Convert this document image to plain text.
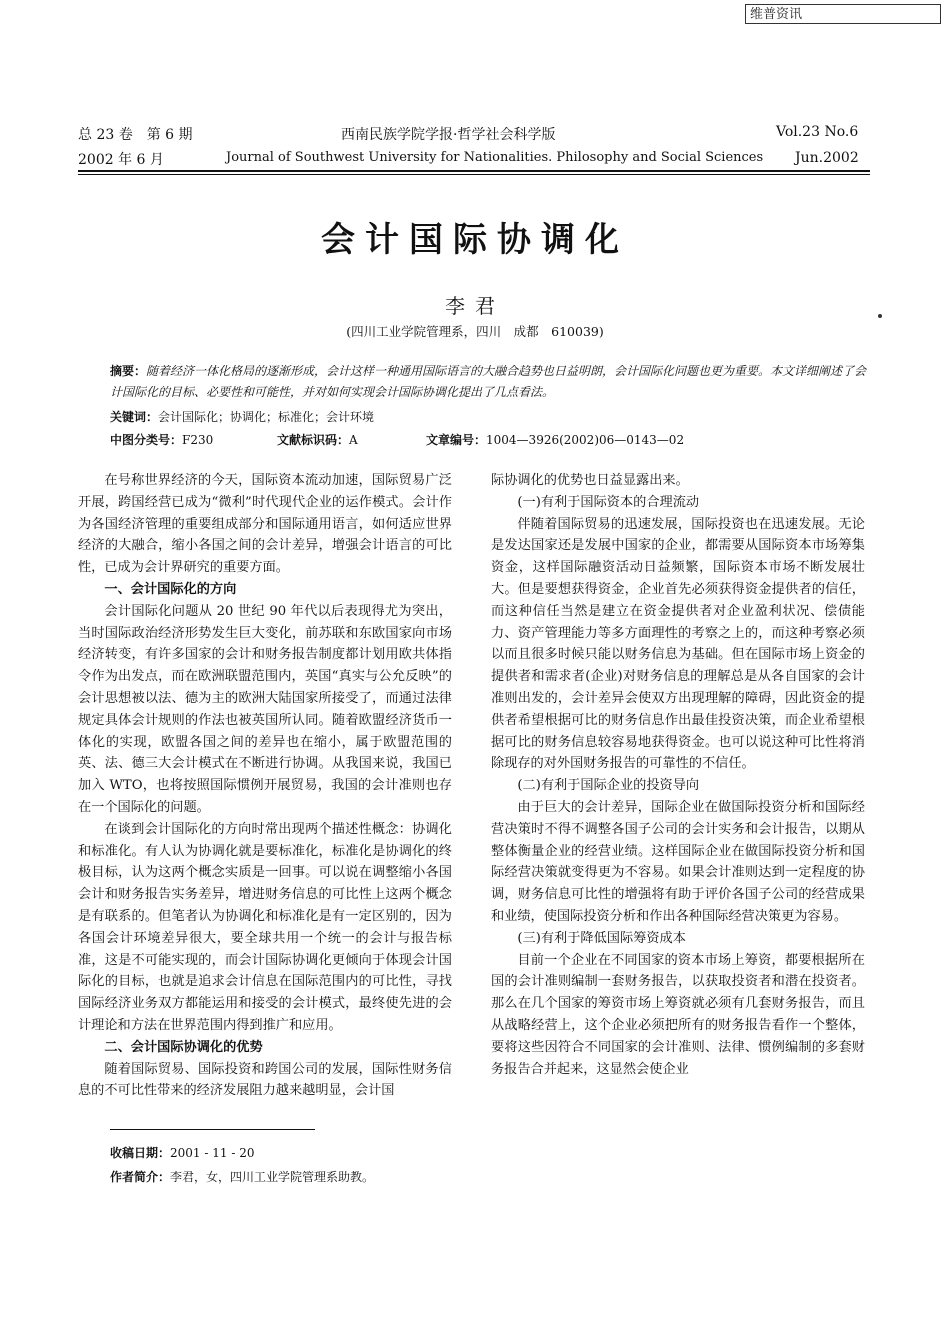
维普资讯
总 23 卷　第 6 期	西南民族学院学报·哲学社会科学版	Vol.23 No.6
2002 年 6 月	Journal of Southwest University for Nationalities. Philosophy and Social Sciences Jun.2002
会计国际协调化
李君
(四川工业学院管理系，四川　成都　610039)
摘要：随着经济一体化格局的逐渐形成，会计这样一种通用国际语言的大融合趋势也日益明朗，会计国际化问题也更为重要。本文详细阐述了会计国际化的目标、必要性和可能性，并对如何实现会计国际协调化提出了几点看法。
关键词：会计国际化；协调化；标准化；会计环境
中图分类号：F230	文献标识码：A	文章编号：1004—3926(2002)06—0143—02

在号称世界经济的今天，国际资本流动加速，国际贸易广泛开展，跨国经营已成为“微利”时代现代企业的运作模式。会计作为各国经济管理的重要组成部分和国际通用语言，如何适应世界经济的大融合，缩小各国之间的会计差异，增强会计语言的可比性，已成为会计界研究的重要方面。

一、会计国际化的方向

会计国际化问题从 20 世纪 90 年代以后表现得尤为突出，当时国际政治经济形势发生巨大变化，前苏联和东欧国家向市场经济转变，有许多国家的会计和财务报告制度都计划用欧共体指令作为出发点，而在欧洲联盟范围内，英国“真实与公允反映”的会计思想被以法、德为主的欧洲大陆国家所接受了，而通过法律规定具体会计规则的作法也被英国所认同。随着欧盟经济货币一体化的实现，欧盟各国之间的差异也在缩小，属于欧盟范围的英、法、德三大会计模式在不断进行协调。从我国来说，我国已加入 WTO，也将按照国际惯例开展贸易，我国的会计准则也存在一个国际化的问题。

在谈到会计国际化的方向时常出现两个描述性概念：协调化和标准化。有人认为协调化就是要标准化，标准化是协调化的终极目标，认为这两个概念实质是一回事。可以说在调整缩小各国会计和财务报告实务差异，增进财务信息的可比性上这两个概念是有联系的。但笔者认为协调化和标准化是有一定区别的，因为各国会计环境差异很大，要全球共用一个统一的会计与报告标准，这是不可能实现的，而会计国际协调化更倾向于体现会计国际化的目标，也就是追求会计信息在国际范围内的可比性，寻找国际经济业务双方都能运用和接受的会计模式，最终使先进的会计理论和方法在世界范围内得到推广和应用。

二、会计国际协调化的优势

随着国际贸易、国际投资和跨国公司的发展，国际性财务信息的不可比性带来的经济发展阻力越来越明显，会计国

际协调化的优势也日益显露出来。

(一)有利于国际资本的合理流动

伴随着国际贸易的迅速发展，国际投资也在迅速发展。无论是发达国家还是发展中国家的企业，都需要从国际资本市场筹集资金，这样国际融资活动日益频繁，国际资本市场不断发展壮大。但是要想获得资金，企业首先必须获得资金提供者的信任，而这种信任当然是建立在资金提供者对企业盈利状况、偿债能力、资产管理能力等多方面理性的考察之上的，而这种考察必须以而且很多时候只能以财务信息为基础。但在国际市场上资金的提供者和需求者(企业)对财务信息的理解总是从各自国家的会计准则出发的，会计差异会使双方出现理解的障碍，因此资金的提供者希望根据可比的财务信息作出最佳投资决策，而企业希望根据可比的财务信息较容易地获得资金。也可以说这种可比性将消除现存的对外国财务报告的可靠性的不信任。

(二)有利于国际企业的投资导向

由于巨大的会计差异，国际企业在做国际投资分析和国际经营决策时不得不调整各国子公司的会计实务和会计报告，以期从整体衡量企业的经营业绩。这样国际企业在做国际投资分析和国际经营决策就变得更为不容易。如果会计准则达到一定程度的协调，财务信息可比性的增强将有助于评价各国子公司的经营成果和业绩，使国际投资分析和作出各种国际经营决策更为容易。

(三)有利于降低国际筹资成本

目前一个企业在不同国家的资本市场上筹资，都要根据所在国的会计准则编制一套财务报告，以获取投资者和潜在投资者。那么在几个国家的筹资市场上筹资就必须有几套财务报告，而且从战略经营上，这个企业必须把所有的财务报告看作一个整体，要将这些因符合不同国家的会计准则、法律、惯例编制的多套财务报告合并起来，这显然会使企业

收稿日期：2001 - 11 - 20
作者简介：李君，女，四川工业学院管理系助教。
